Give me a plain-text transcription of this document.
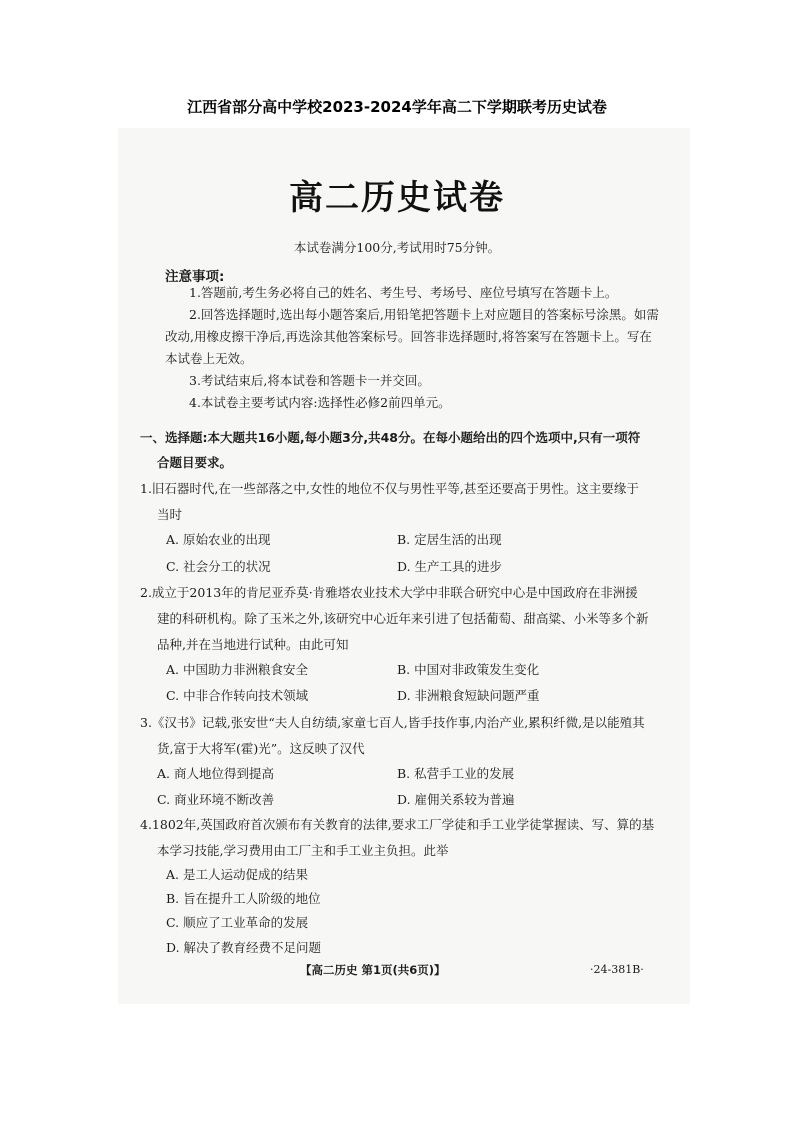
江西省部分高中学校2023-2024学年高二下学期联考历史试卷
高二历史试卷
本试卷满分100分,考试用时75分钟。
注意事项:
1.答题前,考生务必将自己的姓名、考生号、考场号、座位号填写在答题卡上。
2.回答选择题时,选出每小题答案后,用铅笔把答题卡上对应题目的答案标号涂黑。如需改动,用橡皮擦干净后,再选涂其他答案标号。回答非选择题时,将答案写在答题卡上。写在本试卷上无效。
3.考试结束后,将本试卷和答题卡一并交回。
4.本试卷主要考试内容:选择性必修2前四单元。
一、选择题:本大题共16小题,每小题3分,共48分。在每小题给出的四个选项中,只有一项符
合题目要求。
1.旧石器时代,在一些部落之中,女性的地位不仅与男性平等,甚至还要高于男性。这主要缘于
当时
A. 原始农业的出现	B. 定居生活的出现
C. 社会分工的状况	D. 生产工具的进步
2.成立于2013年的肯尼亚乔莫·肯雅塔农业技术大学中非联合研究中心是中国政府在非洲援
建的科研机构。除了玉米之外,该研究中心近年来引进了包括葡萄、甜高粱、小米等多个新品种,并在当地进行试种。由此可知
A. 中国助力非洲粮食安全	B. 中国对非政策发生变化
C. 中非合作转向技术领域	D. 非洲粮食短缺问题严重
3.《汉书》记载,张安世“夫人自纺绩,家童七百人,皆手技作事,内治产业,累积纤微,是以能殖其
货,富于大将军(霍)光”。这反映了汉代
A. 商人地位得到提高	B. 私营手工业的发展
C. 商业环境不断改善	D. 雇佣关系较为普遍
4.1802年,英国政府首次颁布有关教育的法律,要求工厂学徒和手工业学徒掌握读、写、算的基
本学习技能,学习费用由工厂主和手工业主负担。此举
A. 是工人运动促成的结果
B. 旨在提升工人阶级的地位
C. 顺应了工业革命的发展
D. 解决了教育经费不足问题
【高二历史 第1页(共6页)】	·24-381B·
